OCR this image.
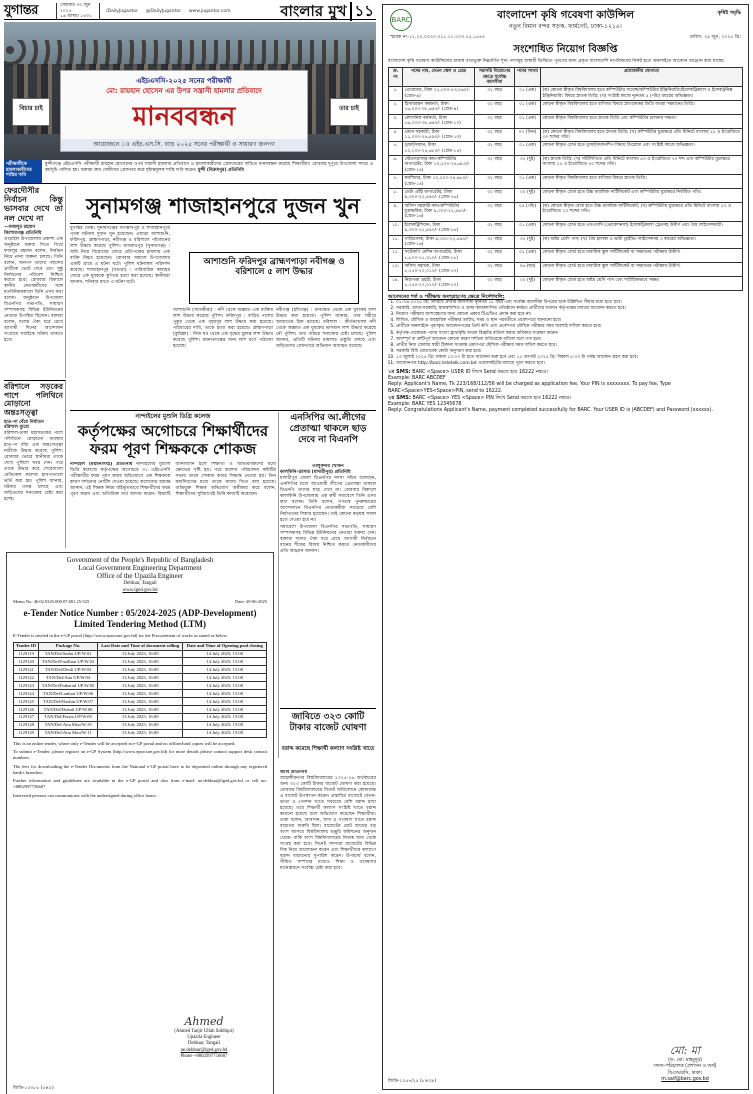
যুগান্তর	সোমবার ৩০ জুন ২০২৫
১৬ আষাঢ় ১৪৩২
/DailyJugantor @DailyJugantor www.jugantor.com	বাংলার মুখ ১১
এইচএসসি-২০২৫ সনের পরীক্ষার্থী
মো: রায়হান হোসেন এর উপর সন্ত্রাসী হামলার প্রতিবাদে
মানববন্ধন
আয়োজনে ঃ এইচ.এস.সি. ব্যাচ ২০২৫ সনের পরীক্ষার্থী ও সাধারণ জনগণ
বিচার চাই	তার চাই
পরীক্ষার্থীকে হামলাকারীদের শাস্তির দাবি
মুন্সীগঞ্জে এইচএসসি পরীক্ষার্থী রায়হান হোসেনের ওপর সন্ত্রাসী হামলার প্রতিবাদে ও হামলাকারীদের গ্রেফতারের দাবিতে মানববন্ধন করেছে শিক্ষার্থীরা। রোববার দুপুরে উপজেলা সদরে এ কর্মসূচি পালিত হয়। বক্তারা দ্রুত দোষীদের গ্রেফতার করে দৃষ্টান্তমূলক শাস্তি দাবি করেন। মুন্সী (বিক্রমপুর) প্রতিনিধি
ফেরদৌসীর নির্বাচন কিন্তু ভাসবার দেখে তা নল দেখে না
—ফজলুর রহমান
কিশোরগঞ্জ প্রতিনিধি

তাড়াইল উপজেলায় প্রকাশ্য এক অনুষ্ঠানে বক্তব্য দিতে গিয়ে ফজলুর রহমান বলেন, নির্বাচন নিয়ে নানা জল্পনা চলছে। তিনি বলেন, জনগণ তাদের পছন্দের প্রার্থীকে ভোট দেবে এবং সুষ্ঠু নির্বাচনের পরিবেশ নিশ্চিত করতে হবে। রোববার বিকালে স্থানীয় নেতাকর্মীদের সঙ্গে মতবিনিময়কালে তিনি এসব কথা বলেন। অনুষ্ঠানে উপজেলা বিএনপির সভাপতি, সাধারণ সম্পাদকসহ বিভিন্ন ইউনিয়নের নেতারা উপস্থিত ছিলেন। বক্তারা বলেন, দলের ঐক্য ধরে রেখে আগামী দিনের আন্দোলন সংগ্রামে সবাইকে সক্রিয় থাকতে হবে।

বরিশালে সড়কের পাশে পলিথিনে মোড়ানো অন্তঃসত্ত্বা
হাত-পা বেঁধে নির্যাতন
বরিশাল ব্যুরো

বরিশাল-ঢাকা মহাসড়কের পাশে পলিথিনে মোড়ানো অবস্থায় হাত-পা বাঁধা এক অন্তঃসত্ত্বা নারীকে উদ্ধার করেছে পুলিশ। রোববার ভোরে স্থানীয়রা তাকে দেখে পুলিশে খবর দেন। পরে তাকে উদ্ধার করে শেরেবাংলা মেডিকেল কলেজ হাসপাতালে ভর্তি করা হয়। পুলিশ জানায়, ঘটনার তদন্ত চলছে এবং জড়িতদের শনাক্তের চেষ্টা করা হচ্ছে।

সুনামগঞ্জ শাজাহানপুরে দুজন খুন
যুগান্তর ডেস্ক। সুনামগঞ্জের জগন্নাথপুর ও শাজাহানপুরে পৃথক ঘটনায় দুজন খুন হয়েছেন। এছাড়া আশাশুনি, ফরিদপুর, ব্রাহ্মণপাড়া, নবীগঞ্জ ও বরিশালে পাঁচজনের লাশ উদ্ধার করেছে পুলিশ। জগন্নাথপুর (সুনামগঞ্জ) : জমি নিয়ে বিরোধের জেরে প্রতিপক্ষের হামলায় এক ব্যক্তি নিহত হয়েছেন। রোববার সকালে উপজেলার একটি গ্রামে এ ঘটনা ঘটে। পুলিশ ঘটনাস্থল পরিদর্শন করেছে। শাজাহানপুর (বগুড়া) : পারিবারিক কলহের জেরে এক যুবককে কুপিয়ে হত্যা করা হয়েছে। স্থানীয়রা জানান, শনিবার রাতে এ ঘটনা ঘটে।
আশাশুনি (সাতক্ষীরা) : নদী থেকে অজ্ঞাত এক ব্যক্তির লাশ উদ্ধার করেছে পুলিশ। ফরিদপুর : বাড়ির পাশের পুকুর থেকে এক গৃহবধূর লাশ উদ্ধার করা হয়েছে। পরিবারের দাবি, তাকে হত্যা করা হয়েছে। ব্রাহ্মণপাড়া (কুমিল্লা) : নিজ ঘর থেকে এক বৃদ্ধের ঝুলন্ত লাশ উদ্ধার করেছে পুলিশ। ময়নাতদন্তের জন্য লাশ মর্গে পাঠানো হয়েছে।
নবীগঞ্জ (হবিগঞ্জ) : ধানক্ষেত থেকে এক যুবকের লাশ উদ্ধার করা হয়েছে। পুলিশ জানায়, তার শরীরে আঘাতের চিহ্ন রয়েছে। বরিশাল : কীর্তনখোলা নদী থেকে অজ্ঞাত এক যুবকের ভাসমান লাশ উদ্ধার করেছে নৌ পুলিশ। তার পরিচয় শনাক্তের চেষ্টা চলছে। পুলিশ জানায়, প্রতিটি ঘটনায় মামলার প্রস্তুতি চলছে এবং জড়িতদের গ্রেফতারে অভিযান অব্যাহত রয়েছে।
আশাশুনি ফরিদপুর ব্রাহ্মণপাড়া নবীগঞ্জ ও বরিশালে ৫ লাশ উদ্ধার
নান্দাইলের মুশুলি ডিগ্রি কলেজ
কর্তৃপক্ষের অগোচরে শিক্ষার্থীদের ফরম পূরণ শিক্ষককে শোকজ
নান্দাইল (ময়মনসিংহ) প্রতিনিধি নান্দাইলের মুশুলি ডিগ্রি কলেজে কর্তৃপক্ষের অগোচরে ৩১ এইচএসসি পরীক্ষার্থীর ফরম পূরণ করার অভিযোগে এক শিক্ষককে কারণ দর্শানোর নোটিশ দেওয়া হয়েছে। কলেজের অধ্যক্ষ জানান, ওই শিক্ষক নিয়ম বহির্ভূতভাবে শিক্ষার্থীদের ফরম পূরণ করান এবং অতিরিক্ত অর্থ আদায় করেন। বিষয়টি জানাজানি হলে শিক্ষার্থী ও অভিভাবকদের মধ্যে ক্ষোভের সৃষ্টি হয়। পরে কলেজ পরিচালনা কমিটির সভায় তাকে শোকজ করার সিদ্ধান্ত নেওয়া হয়। তিন কার্যদিবসের মধ্যে তাকে জবাব দিতে বলা হয়েছে। অভিযুক্ত শিক্ষক অভিযোগ অস্বীকার করে বলেন, শিক্ষার্থীদের সুবিধার্থেই তিনি কাজটি করেছেন।
এনসিপির আ.লীগের প্রেতাত্মা থাকলে ছাড় দেবে না বিএনপি
তালুকদার খোকন
কালকিনি-ডাসার (মাদারীপুর) প্রতিনিধি

মাদারীপুর জেলা বিএনপির সদস্য সচিব বলেছেন, এনসিপির মধ্যে আওয়ামী লীগের প্রেতাত্মা থাকলে বিএনপি তাদের ছাড় দেবে না। রোববার বিকালে কালকিনি উপজেলায় এক কর্মী সমাবেশে তিনি এসব কথা বলেন। তিনি বলেন, গণতন্ত্র পুনরুদ্ধারের আন্দোলনে বিএনপির নেতাকর্মীরা সবচেয়ে বেশি নির্যাতনের শিকার হয়েছেন। তাই কোনো ষড়যন্ত্র সফল হতে দেওয়া হবে না।

সমাবেশে উপজেলা বিএনপির সভাপতি, সাধারণ সম্পাদকসহ বিভিন্ন ইউনিয়নের নেতারা বক্তব্য দেন। বক্তারা দলের ঐক্য ধরে রেখে আগামী নির্বাচনে ধানের শীষের বিজয় নিশ্চিত করতে নেতাকর্মীদের প্রতি আহ্বান জানান।

জাবিতে ৩২৩ কোটি টাকার বাজেট ঘোষণা
বরাদ্দ কমেছে শিক্ষার্থী কল্যাণ সংশ্লিষ্ট খাতে
জাবি প্রতিনিধি

জাহাঙ্গীরনগর বিশ্ববিদ্যালয়ের ২০২৫-২৬ অর্থবছরের জন্য ৩২৩ কোটি টাকার বাজেট ঘোষণা করা হয়েছে। রোববার বিশ্ববিদ্যালয়ের সিনেট অধিবেশনে কোষাধ্যক্ষ এ বাজেট উপস্থাপন করেন। প্রস্তাবিত বাজেটে বেতন-ভাতা ও পেনশন খাতে সবচেয়ে বেশি বরাদ্দ রাখা হয়েছে। তবে শিক্ষার্থী কল্যাণ সংশ্লিষ্ট খাতে বরাদ্দ কমানো হয়েছে বলে অভিযোগ করেছেন শিক্ষার্থীরা। তারা বলেন, আবাসন, খাদ্য ও গবেষণা খাতে বরাদ্দ বাড়ানো জরুরি ছিল। বাজেটের মোট আয়ের বড় অংশ আসবে বিশ্ববিদ্যালয় মঞ্জুরি কমিশনের অনুদান থেকে। বাকি অংশ বিশ্ববিদ্যালয়ের নিজস্ব আয় থেকে সংগ্রহ করা হবে। সিনেট সদস্যরা বাজেটের বিভিন্ন দিক নিয়ে আলোচনা করেন এবং শিক্ষার্থীদের কল্যাণে বরাদ্দ বাড়ানোর সুপারিশ করেন। উপাচার্য বলেন, সীমিত সম্পদের মধ্যেও শিক্ষা ও গবেষণার মানোন্নয়নে সর্বোচ্চ চেষ্টা করা হবে।

Government of the People's Republic of Bangladesh
Local Government Engineering Department
Office of the Upazila Engineer
Delduar, Tangail
www.lged.gov.bd
Memo No: 46.02.9325.000.07.001.25-525	Date: 29-06-2025
e-Tender Notice Number : 05/2024-2025 (ADP-Development)
Limited Tendering Method (LTM)
E-Tender is invited in the e-GP portal (http://www.eprocure.gov.bd) for the Procurement of works as stated as below:
Tender ID	Package No.	Last Date and Time of document selling	Date and Time of Opening pool closing
1129119	TAN/Del/Sadar UP/W.01	13 July 2025; 16:00	14 July 2025; 15:00
1129120	TAN/Del/Fazilhati UP/W.02	13 July 2025; 16:00	14 July 2025; 15:00
1129121	TAN/Del/Deuli UP/W.03	13 July 2025; 16:00	14 July 2025; 15:00
1129122	TAN/Del/Atia UP/W.04	13 July 2025; 16:00	14 July 2025; 15:00
1129123	TAN/Del/Patharail UP/W.05	13 July 2025; 16:00	14 July 2025; 15:00
1129124	TAN/Del/Lauhati UP/W.06	13 July 2025; 16:00	14 July 2025; 15:00
1129125	TAN/Del/Elashin UP/W.07	13 July 2025; 16:00	14 July 2025; 15:00
1129126	TAN/Del/Dubail UP/W.08	13 July 2025; 16:00	14 July 2025; 15:00
1129127	TAN/Del/Fiasin UP/W.09	13 July 2025; 16:00	14 July 2025; 15:00
1129128	TAN/Del/Atia Mou/W.10	13 July 2025; 16:00	14 July 2025; 15:00
1129129	TAN/Del/Atia Mou/W.11	13 July 2025; 16:00	14 July 2025; 15:00
This is an online tender, where only e-Tender will be accepted in e-GP portal and no offline/hard copies will be accepted.
To submit e-Tender, please register on e-GP System (http://www.eprocure.gov.bd) for more details please contact support desk contact numbers.
The fees for downloading the e-Tender Documents from the National e-GP portal have to be deposited online through any registered bank's branches.
Further information and guidelines are available in the e-GP portal and also from e-mail: ue.delduar@lged.gov.bd or cell no: +8802997756607
Interested persons can communicate with the undersigned during office hours.
Ahmed
(Ahmed Tanjir Ullah Siddiqui)
Upazila Engineer
Delduar, Tangail
ue.delduar@lged.gov.bd
Phone +8802997756607
জিডি-১৫০৮৫ (৫×৫)
BARC	বাংলাদেশ কৃষি গবেষণা কাউন্সিল
নতুন বিমান বন্দর সড়ক, ফার্মগেট, ঢাকা-১২১৫।
কৃষিই সমৃদ্ধি
স্মারক নং-১২.২০.০০০০.৩১১.১১.০০৩.২৫.১৪৪৫	তারিখ: ২৯ জুন, ২০২৫ খ্রি:
সংশোধিত নিয়োগ বিজ্ঞপ্তি
বাংলাদেশ কৃষি গবেষণা কাউন্সিলের রাজস্ব খাতভুক্ত নিম্নবর্ণিত শূন্য পদসমূহ অস্থায়ী ভিত্তিতে পূরণের জন্য প্রকৃত বাংলাদেশি নাগরিকদের নিকট হতে অনলাইনে আবেদন আহ্বান করা যাচ্ছে।
ক্র. নং	পদের নাম, বেতন স্কেল ও গ্রেড	সরাসরি নিয়োগের ক্ষেত্রে সর্বোচ্চ বয়সসীমা	পদের সংখ্যা	প্রয়োজনীয় যোগ্যতা
১.	প্রোগ্রামার, টাকা ২২,০০০-৫৩,০৬০/- (গ্রেড-৬)	৩২ বছর	০১ (এক)	(ক) কোনো স্বীকৃত বিশ্ববিদ্যালয় হতে কম্পিউটার সায়েন্স/কম্পিউটার ইঞ্জিনিয়ারিং/ইলেকট্রিক্যাল ও ইলেকট্রনিক্স ইঞ্জিনিয়ারিং বিষয়ে স্নাতক ডিগ্রি; (খ) সংশ্লিষ্ট কাজে ন্যূনতম ৫ (পাঁচ) বছরের অভিজ্ঞতা।
২.	হিসাবরক্ষণ কর্মকর্তা, টাকা ১৬,০০০-৩৮,৬৪০/- (গ্রেড-৯)	৩২ বছর	০১ (এক)	কোনো স্বীকৃত বিশ্ববিদ্যালয় হতে বাণিজ্য বিষয়ে স্নাতকোত্তর ডিগ্রি অথবা সমমানের ডিগ্রি।
৩.	প্রশাসনিক কর্মকর্তা, টাকা ১৬,০০০-৩৮,৬৪০/- (গ্রেড-১০)	৩২ বছর	০১ (এক)	কোনো স্বীকৃত বিশ্ববিদ্যালয় হতে স্নাতক ডিগ্রি এবং কম্পিউটার চালনায় দক্ষতা।
৪.	প্রধান সহকারী, টাকা ১১,০০০-২৬,৫৯০/- (গ্রেড-১৩)	৩২ বছর	০৩ (তিন)	(ক) কোনো স্বীকৃত বিশ্ববিদ্যালয় হতে স্নাতক ডিগ্রি; (খ) কম্পিউটার মুদ্রাক্ষরে প্রতি মিনিটে বাংলায় ২৫ ও ইংরেজিতে ৩০ শব্দের গতি।
৫.	ড্রাফট্সম্যান, টাকা ১০,২০০-২৪,৬৮০/- (গ্রেড-১৪)	৩২ বছর	০১ (এক)	কোনো স্বীকৃত বোর্ড হতে ড্রাফট্সম্যানশিপ বিষয়ে ডিপ্লোমা এবং সংশ্লিষ্ট কাজে অভিজ্ঞতা।
৬.	স্টেনোগ্রাফার-কাম-কম্পিউটার অপারেটর, টাকা ১০,২০০-২৪,৬৮০/- (গ্রেড-১৪)	৩২ বছর	০২ (দুই)	(ক) স্নাতক ডিগ্রি; (খ) সাঁটলিপিতে প্রতি মিনিটে বাংলায় ৫০ ও ইংরেজিতে ৭০ শব্দ এবং কম্পিউটার মুদ্রাক্ষরে বাংলায় ২৫ ও ইংরেজিতে ৩০ শব্দের গতি।
৭.	ক্যাশিয়ার, টাকা ১০,২০০-২৪,৬৮০/- (গ্রেড-১৪)	৩২ বছর	০১ (এক)	কোনো স্বীকৃত বিশ্ববিদ্যালয় হতে বাণিজ্য বিষয়ে স্নাতক ডিগ্রি।
৮.	ডেটা এন্ট্রি অপারেটর, টাকা ৯,৩০০-২২,৪৯০/- (গ্রেড-১৬)	৩২ বছর	০২ (দুই)	কোনো স্বীকৃত বোর্ড হতে উচ্চ মাধ্যমিক সার্টিফিকেট এবং কম্পিউটার মুদ্রাক্ষরে নির্ধারিত গতি।
৯.	অফিস সহকারী-কাম-কম্পিউটার মুদ্রাক্ষরিক, টাকা ৯,৩০০-২২,৪৯০/- (গ্রেড-১৬)	৩২ বছর	০৫ (পাঁচ)	(ক) কোনো স্বীকৃত বোর্ড হতে উচ্চ মাধ্যমিক সার্টিফিকেট; (খ) কম্পিউটার মুদ্রাক্ষরে প্রতি মিনিটে বাংলায় ২০ ও ইংরেজিতে ২০ শব্দের গতি।
১০.	ইলেকট্রিশিয়ান, টাকা ৯,৩০০-২২,৪৯০/- (গ্রেড-১৬)	৩২ বছর	০১ (এক)	কোনো স্বীকৃত বোর্ড হতে এসএসসি (ভোকেশনাল) ইলেকট্রিক্যাল ট্রেডসহ উত্তীর্ণ এবং বৈধ লাইসেন্সধারী।
১১.	গাড়িচালক, টাকা ৯,৩০০-২২,৪৯০/- (গ্রেড-১৬)	৩২ বছর	০২ (দুই)	(ক) অষ্টম শ্রেণি পাস; (খ) বৈধ হালকা ও ভারী ড্রাইভিং লাইসেন্সসহ ৩ বছরের অভিজ্ঞতা।
১২.	ফটোকপি মেশিন অপারেটর, টাকা ৮,৮০০-২১,৩১০/- (গ্রেড-১৮)	৩২ বছর	০১ (এক)	কোনো স্বীকৃত বোর্ড হতে মাধ্যমিক স্কুল সার্টিফিকেট বা সমমানের পরীক্ষায় উত্তীর্ণ।
১৩.	অফিস সহায়ক, টাকা ৮,২৫০-২০,০১০/- (গ্রেড-২০)	৩২ বছর	০৬ (ছয়)	কোনো স্বীকৃত বোর্ড হতে মাধ্যমিক স্কুল সার্টিফিকেট বা সমমানের পরীক্ষায় উত্তীর্ণ।
১৪.	নিরাপত্তা প্রহরী, টাকা ৮,২৫০-২০,০১০/- (গ্রেড-২০)	৩২ বছর	০২ (দুই)	কোনো স্বীকৃত বোর্ড হতে অষ্টম শ্রেণি পাস এবং শারীরিকভাবে সক্ষম।
আবেদনের শর্ত ও পরীক্ষায় অংশগ্রহণের ক্ষেত্রে নির্দেশাবলি:
1. ০১-০৬-২০২৫ খ্রি: তারিখে প্রার্থীর বয়সসীমা ন্যূনতম ১৮ বছর এবং সর্বোচ্চ বয়সসীমা উপরের ছকে উল্লিখিত সীমার মধ্যে হতে হবে।
2. সরকারি, আধা-সরকারি, স্বায়ত্তশাসিত ও আধা-স্বায়ত্তশাসিত প্রতিষ্ঠানে কর্মরত প্রার্থীদের যথাযথ কর্তৃপক্ষের মাধ্যমে আবেদন করতে হবে।
3. নিয়োগ পরীক্ষায় অংশগ্রহণের জন্য কোনো প্রকার টিএ/ডিএ প্রদান করা হবে না।
4. লিখিত, মৌখিক ও ব্যবহারিক পরীক্ষার তারিখ, সময় ও স্থান পরবর্তীতে প্রবেশপত্রে জানানো হবে।
5. প্রার্থীকে অনলাইনে পূরণকৃত আবেদনপত্রের প্রিন্ট কপি এবং প্রবেশপত্র মৌখিক পরীক্ষার সময় অবশ্যই দাখিল করতে হবে।
6. কর্তৃপক্ষ যেকোনো পদের সংখ্যা হ্রাস/বৃদ্ধি অথবা বিজ্ঞপ্তি বাতিল করার অধিকার সংরক্ষণ করেন।
7. অসম্পূর্ণ বা ত্রুটিপূর্ণ আবেদন কোনো কারণ দর্শানো ব্যতিরেকে বাতিল বলে গণ্য হবে।
8. প্রার্থীর নিজ জেলার স্থায়ী ঠিকানা সংক্রান্ত প্রমাণপত্র মৌখিক পরীক্ষার সময় দাখিল করতে হবে।
9. সরকারি বিধি মোতাবেক কোটা অনুসরণ করা হবে।
10. ১৩ জুলাই ২০২৫ খ্রি: সকাল ১০:০০ টা হতে আবেদন শুরু হবে এবং ১২ আগস্ট ২০২৫ খ্রি: বিকাল ৫:০০ টা পর্যন্ত আবেদন গ্রহণ করা হবে।
11. আবেদনপত্র http://barc.teletalk.com.bd ওয়েবসাইটের মাধ্যমে পূরণ করতে হবে।
১ম SMS: BARC <Space> USER ID লিখে Send করতে হবে 16222 নম্বরে।
Example: BARC ABCDEF
Reply: Applicant's Name, Tk 223/168/112/56 will be charged as application fee, Your PIN is xxxxxxxx. To pay fee, Type BARC<Space>YES<Space>PIN, send to 16222.
২য় SMS: BARC <Space> YES <Space> PIN লিখে Send করতে হবে 16222 নম্বরে।
Example: BARC YES 12345678
Reply: Congratulations Applicant's Name, payment completed successfully for BARC. Your USER ID is (ABCDEF) and Password (xxxxxx).
মো: মা
(ড. মো: মাহমুদুর)
সদস্য-পরিচালক (প্রশাসন ও অর্থ)
বিএআরসি, ঢাকা।
m.saif@barc.gov.bd
জিডি-১২৫৭/২৫ (৮×৩৪)
